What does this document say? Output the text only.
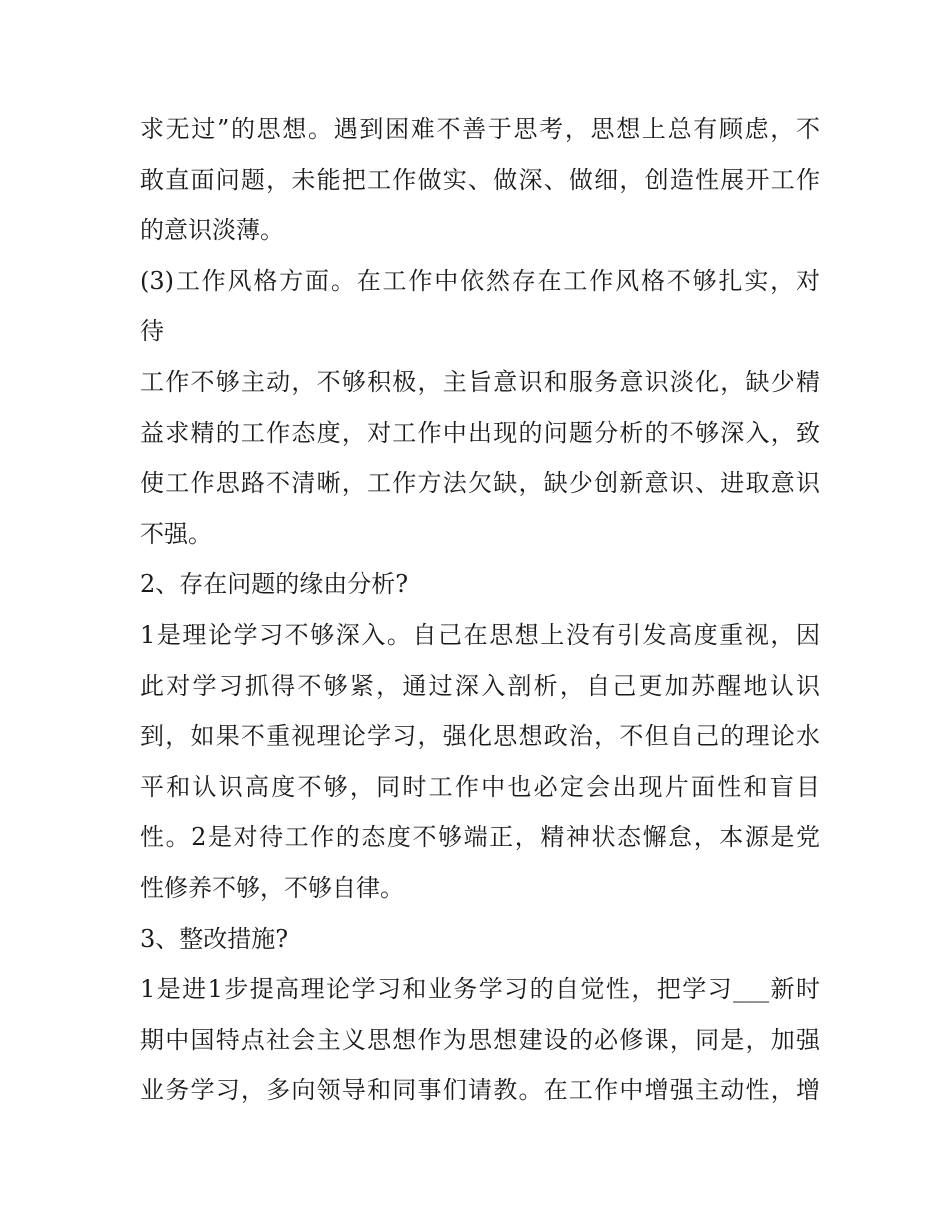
求无过”的思想。遇到困难不善于思考，思想上总有顾虑，不
敢直面问题，未能把工作做实、做深、做细，创造性展开工作
的意识淡薄。
(3)工作风格方面。在工作中依然存在工作风格不够扎实，对
待
工作不够主动，不够积极，主旨意识和服务意识淡化，缺少精
益求精的工作态度，对工作中出现的问题分析的不够深入，致
使工作思路不清晰，工作方法欠缺，缺少创新意识、进取意识
不强。
2、存在问题的缘由分析?
1是理论学习不够深入。自己在思想上没有引发高度重视，因
此对学习抓得不够紧，通过深入剖析，自己更加苏醒地认识
到，如果不重视理论学习，强化思想政治，不但自己的理论水
平和认识高度不够，同时工作中也必定会出现片面性和盲目
性。2是对待工作的态度不够端正，精神状态懈怠，本源是党
性修养不够，不够自律。
3、整改措施?
1是进1步提高理论学习和业务学习的自觉性，把学习___新时
期中国特点社会主义思想作为思想建设的必修课，同是，加强
业务学习，多向领导和同事们请教。在工作中增强主动性，增
